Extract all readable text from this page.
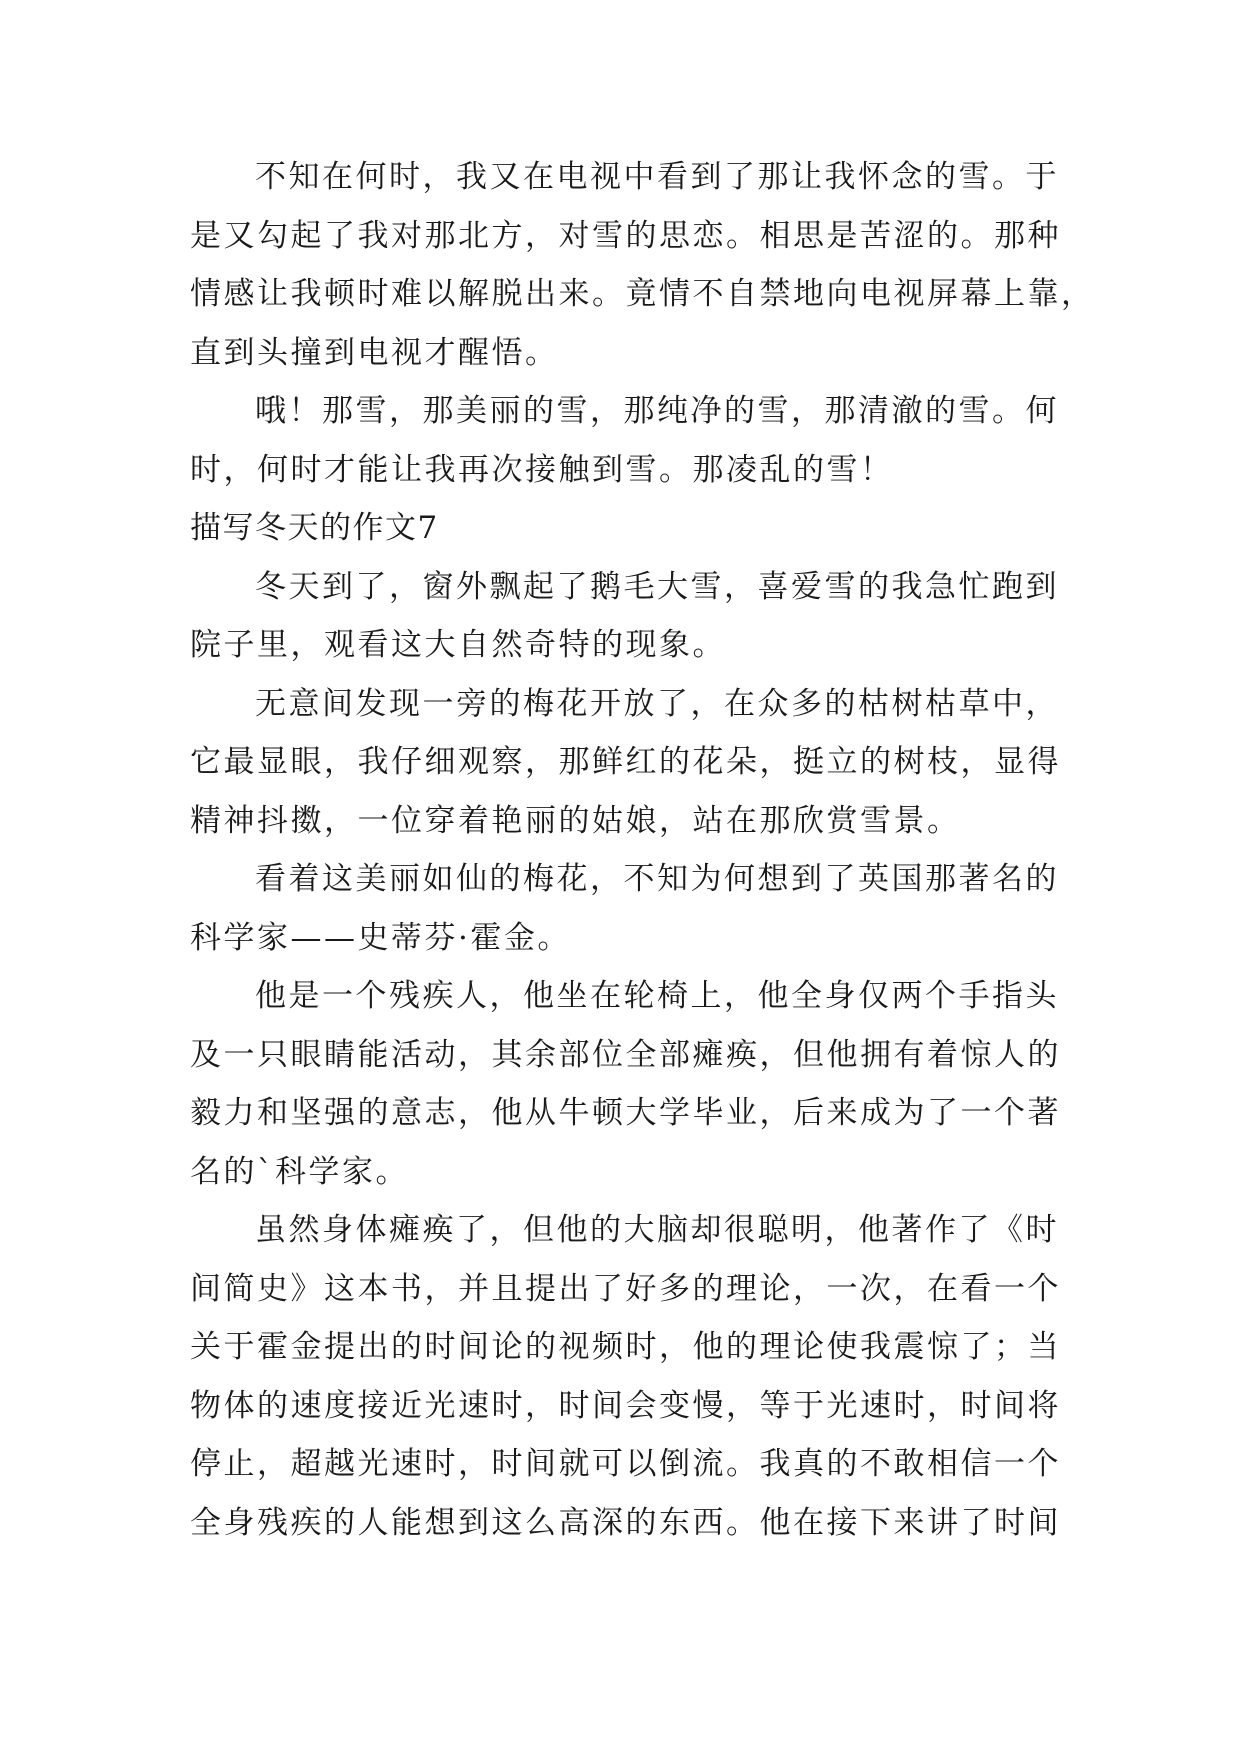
不知在何时，我又在电视中看到了那让我怀念的雪。于
是又勾起了我对那北方，对雪的思恋。相思是苦涩的。那种
情感让我顿时难以解脱出来。竟情不自禁地向电视屏幕上靠，
直到头撞到电视才醒悟。
哦！那雪，那美丽的雪，那纯净的雪，那清澈的雪。何
时，何时才能让我再次接触到雪。那凌乱的雪！
描写冬天的作文7
冬天到了，窗外飘起了鹅毛大雪，喜爱雪的我急忙跑到
院子里，观看这大自然奇特的现象。
无意间发现一旁的梅花开放了，在众多的枯树枯草中，
它最显眼，我仔细观察，那鲜红的花朵，挺立的树枝，显得
精神抖擞，一位穿着艳丽的姑娘，站在那欣赏雪景。
看着这美丽如仙的梅花，不知为何想到了英国那著名的
科学家——史蒂芬·霍金。
他是一个残疾人，他坐在轮椅上，他全身仅两个手指头
及一只眼睛能活动，其余部位全部瘫痪，但他拥有着惊人的
毅力和坚强的意志，他从牛顿大学毕业，后来成为了一个著
名的`科学家。
虽然身体瘫痪了，但他的大脑却很聪明，他著作了《时
间简史》这本书，并且提出了好多的理论，一次，在看一个
关于霍金提出的时间论的视频时，他的理论使我震惊了；当
物体的速度接近光速时，时间会变慢，等于光速时，时间将
停止，超越光速时，时间就可以倒流。我真的不敢相信一个
全身残疾的人能想到这么高深的东西。他在接下来讲了时间
